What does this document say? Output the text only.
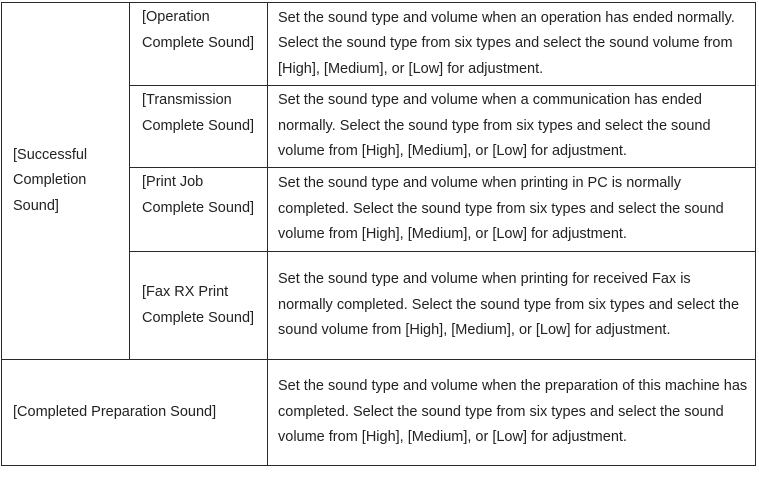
[Successful Completion Sound]	[Operation Complete Sound]	Set the sound type and volume when an operation has ended normally. Select the sound type from six types and select the sound volume from [High], [Medium], or [Low] for adjustment.
	[Transmission Complete Sound]	Set the sound type and volume when a communication has ended normally. Select the sound type from six types and select the sound volume from [High], [Medium], or [Low] for adjustment.
	[Print Job Complete Sound]	Set the sound type and volume when printing in PC is normally completed. Select the sound type from six types and select the sound volume from [High], [Medium], or [Low] for adjustment.
	[Fax RX Print Complete Sound]	Set the sound type and volume when printing for received Fax is normally completed. Select the sound type from six types and select the sound volume from [High], [Medium], or [Low] for adjustment.
[Completed Preparation Sound]		Set the sound type and volume when the preparation of this machine has completed. Select the sound type from six types and select the sound volume from [High], [Medium], or [Low] for adjustment.
